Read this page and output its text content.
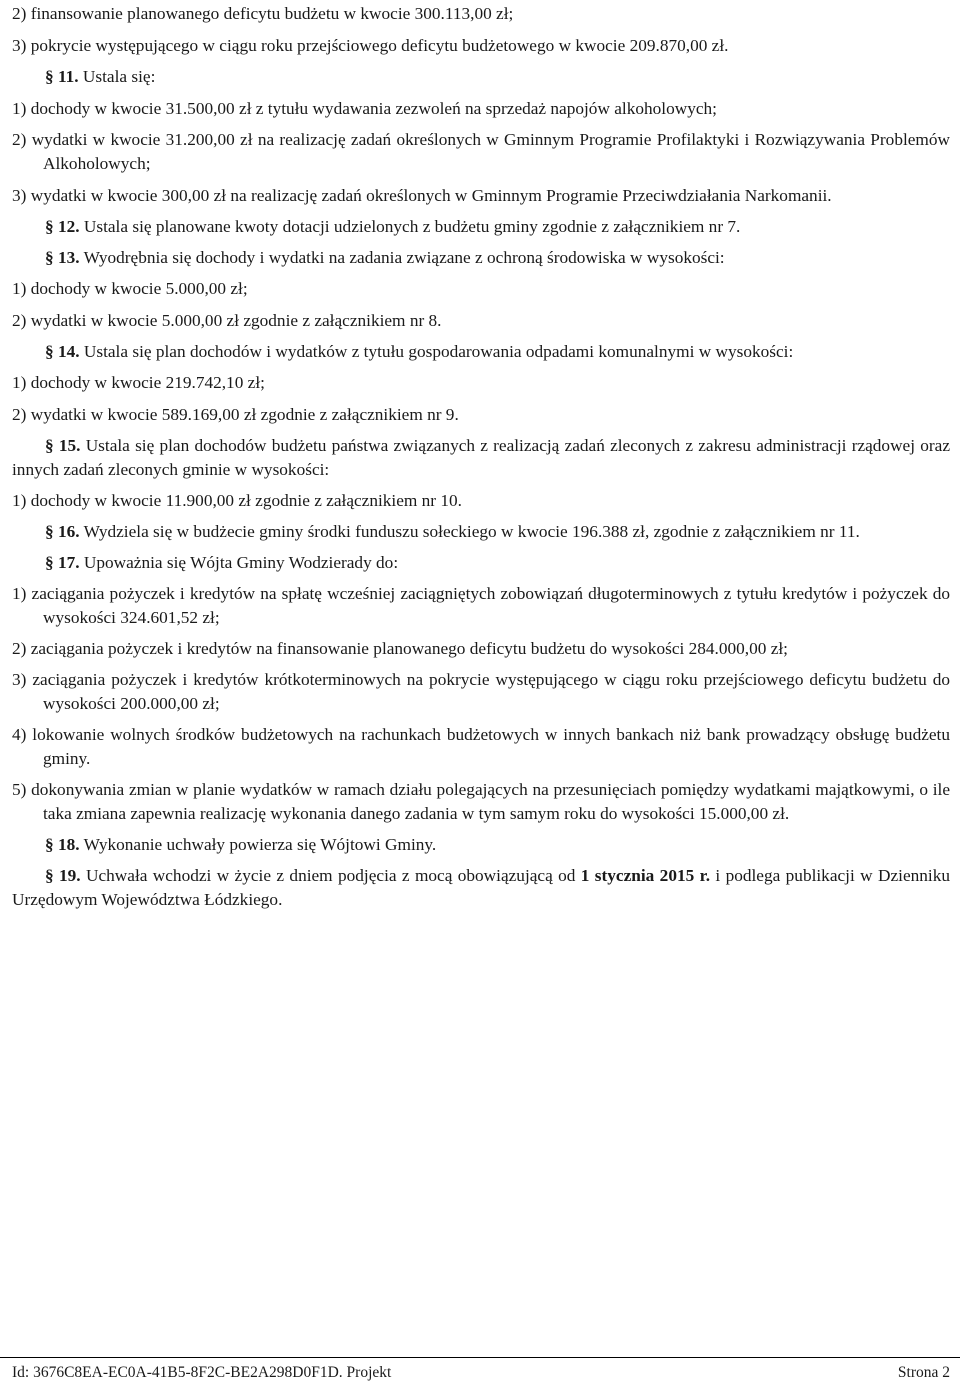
2) finansowanie planowanego deficytu budżetu w kwocie 300.113,00 zł;

3) pokrycie występującego w ciągu roku przejściowego deficytu budżetowego w kwocie 209.870,00 zł.

§ 11. Ustala się:

1) dochody w kwocie 31.500,00 zł z tytułu wydawania zezwoleń na sprzedaż napojów alkoholowych;

2) wydatki w kwocie 31.200,00 zł na realizację zadań określonych w Gminnym Programie Profilaktyki i Rozwiązywania Problemów Alkoholowych;

3) wydatki w kwocie 300,00 zł na realizację zadań określonych w Gminnym Programie Przeciwdziałania Narkomanii.

§ 12. Ustala się planowane kwoty dotacji udzielonych z budżetu gminy zgodnie z załącznikiem nr 7.

§ 13. Wyodrębnia się dochody i wydatki na zadania związane z ochroną środowiska w wysokości:

1) dochody w kwocie 5.000,00 zł;

2) wydatki w kwocie 5.000,00 zł zgodnie z załącznikiem nr 8.

§ 14. Ustala się plan dochodów i wydatków z tytułu gospodarowania odpadami komunalnymi w wysokości:

1) dochody w kwocie 219.742,10 zł;

2) wydatki w kwocie 589.169,00 zł zgodnie z załącznikiem nr 9.

§ 15. Ustala się plan dochodów budżetu państwa związanych z realizacją zadań zleconych z zakresu administracji rządowej oraz innych zadań zleconych gminie w wysokości:

1) dochody w kwocie 11.900,00 zł zgodnie z załącznikiem nr 10.

§ 16. Wydziela się w budżecie gminy środki funduszu sołeckiego w kwocie 196.388 zł, zgodnie z załącznikiem nr 11.

§ 17. Upoważnia się Wójta Gminy Wodzierady do:

1) zaciągania pożyczek i kredytów na spłatę wcześniej zaciągniętych zobowiązań długoterminowych z tytułu kredytów i pożyczek do wysokości 324.601,52 zł;

2) zaciągania pożyczek i kredytów na finansowanie planowanego deficytu budżetu do wysokości 284.000,00 zł;

3) zaciągania pożyczek i kredytów krótkoterminowych na pokrycie występującego w ciągu roku przejściowego deficytu budżetu do wysokości 200.000,00 zł;

4) lokowanie wolnych środków budżetowych na rachunkach budżetowych w innych bankach niż bank prowadzący obsługę budżetu gminy.

5) dokonywania zmian w planie wydatków w ramach działu polegających na przesunięciach pomiędzy wydatkami majątkowymi, o ile taka zmiana zapewnia realizację wykonania danego zadania w tym samym roku do wysokości 15.000,00 zł.

§ 18. Wykonanie uchwały powierza się Wójtowi Gminy.

§ 19. Uchwała wchodzi w życie z dniem podjęcia z mocą obowiązującą od 1 stycznia 2015 r. i podlega publikacji w Dzienniku Urzędowym Województwa Łódzkiego.

Id: 3676C8EA-EC0A-41B5-8F2C-BE2A298D0F1D. Projekt	Strona 2
